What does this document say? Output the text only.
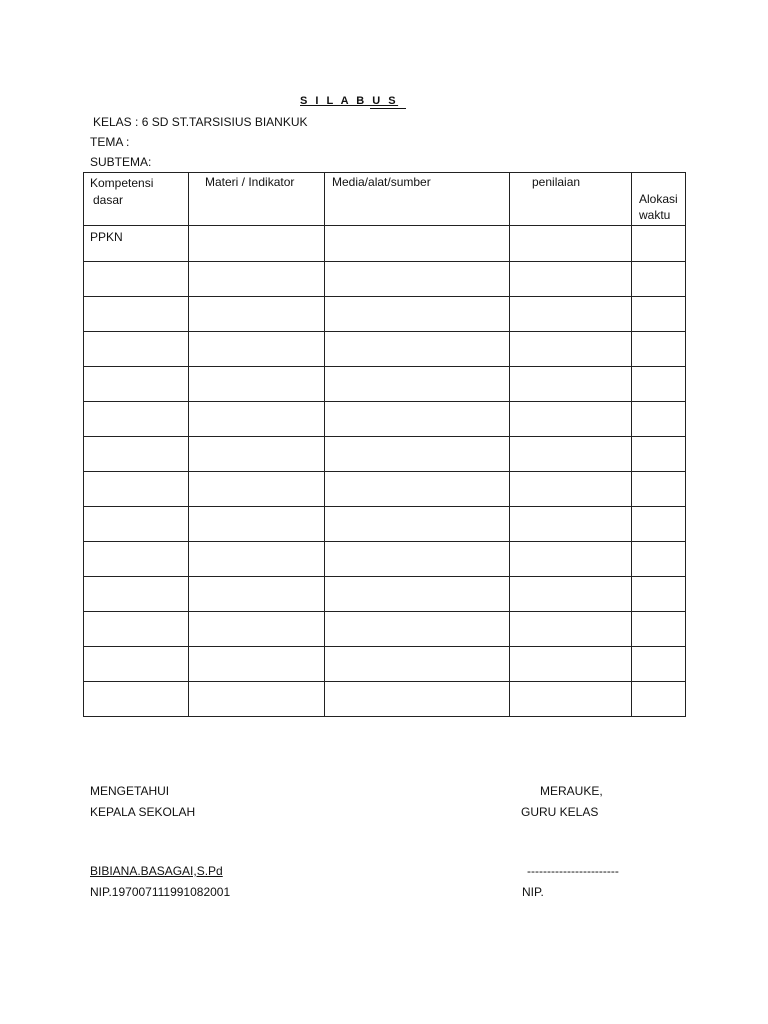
S I L A B U S
KELAS : 6 SD ST.TARSISIUS BIANKUK
TEMA :
SUBTEMA:
Kompetensi
dasar	Materi / Indikator	Media/alat/sumber	penilaian	Alokasi
waktu
PPKN				

MENGETAHUI
KEPALA SEKOLAH
BIBIANA.BASAGAI,S.Pd
NIP.197007111991082001
MERAUKE,
GURU KELAS
-----------------------
NIP.
